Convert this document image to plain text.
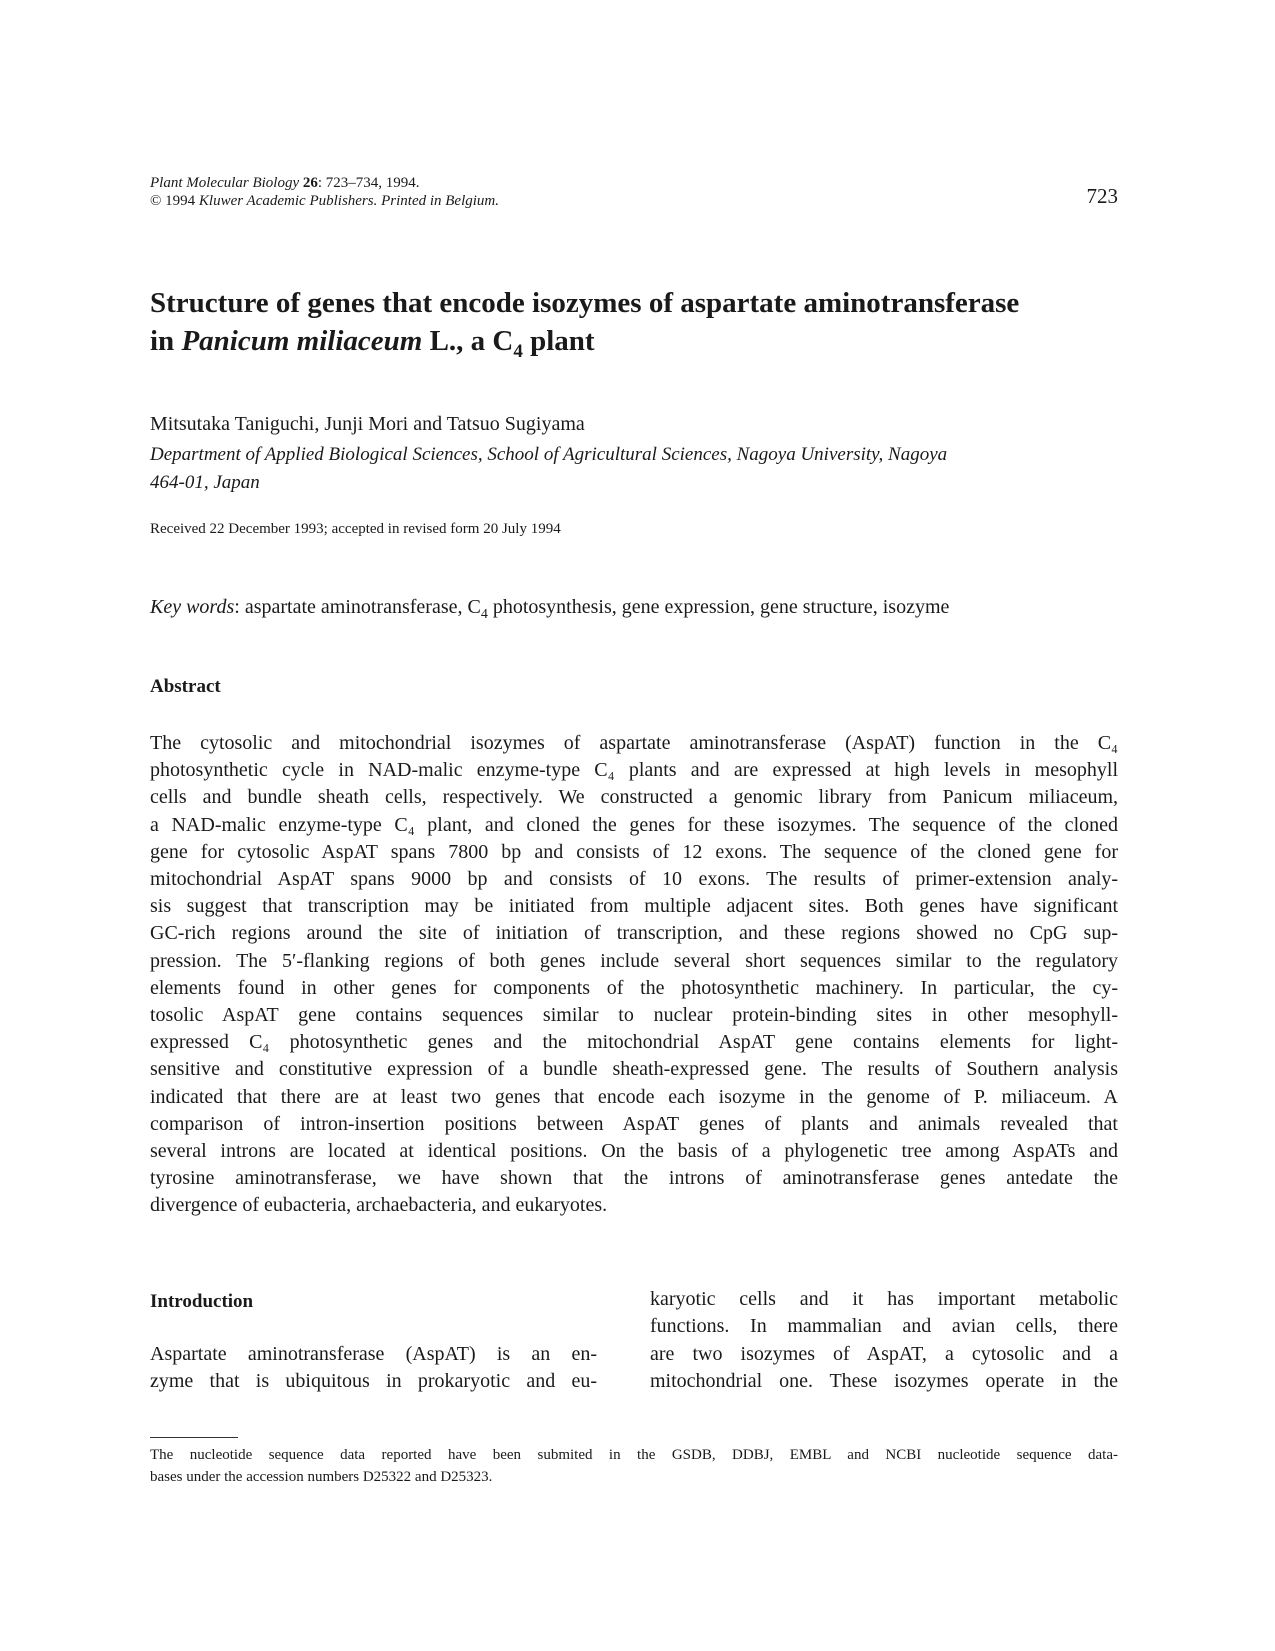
Plant Molecular Biology 26: 723–734, 1994.
© 1994 Kluwer Academic Publishers. Printed in Belgium.	723
Structure of genes that encode isozymes of aspartate aminotransferase
in Panicum miliaceum L., a $C_4$ plant
Mitsutaka Taniguchi, Junji Mori and Tatsuo Sugiyama
Department of Applied Biological Sciences, School of Agricultural Sciences, Nagoya University, Nagoya
464-01, Japan
Received 22 December 1993; accepted in revised form 20 July 1994
Key words: aspartate aminotransferase, $C_4$ photosynthesis, gene expression, gene structure, isozyme
Abstract
The cytosolic and mitochondrial isozymes of aspartate aminotransferase (AspAT) function in the C₄
photosynthetic cycle in NAD-malic enzyme-type C₄ plants and are expressed at high levels in mesophyll
cells and bundle sheath cells, respectively. We constructed a genomic library from Panicum miliaceum,
a NAD-malic enzyme-type C₄ plant, and cloned the genes for these isozymes. The sequence of the cloned
gene for cytosolic AspAT spans 7800 bp and consists of 12 exons. The sequence of the cloned gene for
mitochondrial AspAT spans 9000 bp and consists of 10 exons. The results of primer-extension analy-
sis suggest that transcription may be initiated from multiple adjacent sites. Both genes have significant
GC-rich regions around the site of initiation of transcription, and these regions showed no CpG sup-
pression. The 5′-flanking regions of both genes include several short sequences similar to the regulatory
elements found in other genes for components of the photosynthetic machinery. In particular, the cy-
tosolic AspAT gene contains sequences similar to nuclear protein-binding sites in other mesophyll-
expressed C₄ photosynthetic genes and the mitochondrial AspAT gene contains elements for light-
sensitive and constitutive expression of a bundle sheath-expressed gene. The results of Southern analysis
indicated that there are at least two genes that encode each isozyme in the genome of P. miliaceum. A
comparison of intron-insertion positions between AspAT genes of plants and animals revealed that
several introns are located at identical positions. On the basis of a phylogenetic tree among AspATs and
tyrosine aminotransferase, we have shown that the introns of aminotransferase genes antedate the
divergence of eubacteria, archaebacteria, and eukaryotes.
Introduction
Aspartate aminotransferase (AspAT) is an en-
zyme that is ubiquitous in prokaryotic and eu-
karyotic cells and it has important metabolic
functions. In mammalian and avian cells, there
are two isozymes of AspAT, a cytosolic and a
mitochondrial one. These isozymes operate in the
The nucleotide sequence data reported have been submited in the GSDB, DDBJ, EMBL and NCBI nucleotide sequence data-
bases under the accession numbers D25322 and D25323.
